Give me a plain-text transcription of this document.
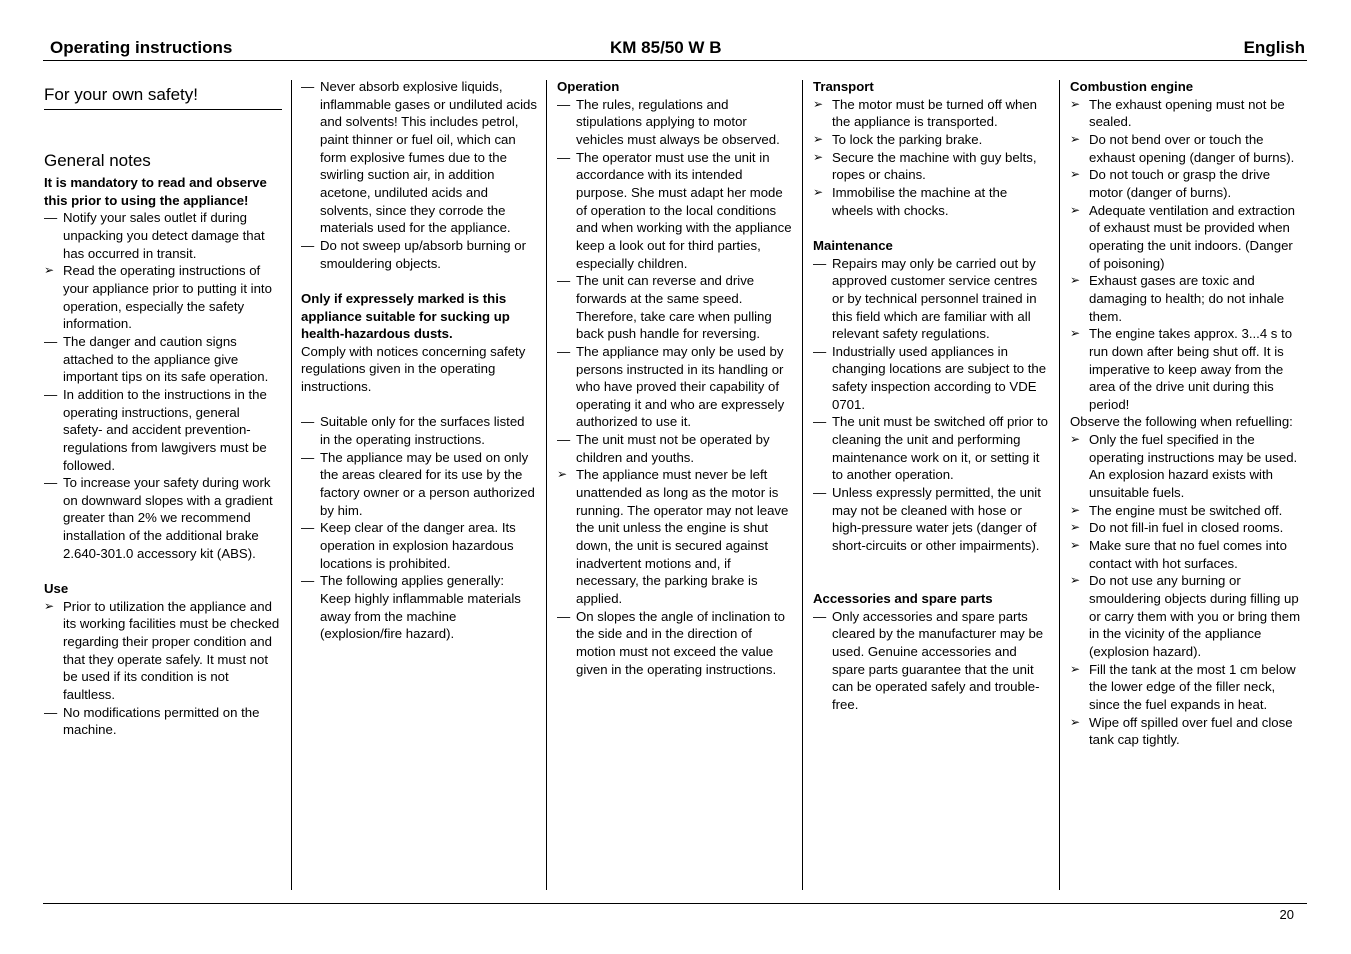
Operating instructions	KM 85/50 W B	English
For your own safety!
General notes

It is mandatory to read and observe this prior to using the appliance!

— Notify your sales outlet if during unpacking you detect damage that has occurred in transit.

➢ Read the operating instructions of your appliance prior to putting it into operation, especially the safety information.

— The danger and caution signs attached to the appliance give important tips on its safe operation.

— In addition to the instructions in the operating instructions, general safety- and accident prevention-regulations from lawgivers must be followed.

— To increase your safety during work on downward slopes with a gradient greater than 2% we recommend installation of the additional brake 2.640-301.0 accessory kit (ABS).

Use

➢ Prior to utilization the appliance and its working facilities must be checked regarding their proper condition and that they operate safely. It must not be used if its condition is not faultless.

— No modifications permitted on the machine.

— Never absorb explosive liquids, inflammable gases or undiluted acids and solvents! This includes petrol, paint thinner or fuel oil, which can form explosive fumes due to the swirling suction air, in addition acetone, undiluted acids and solvents, since they corrode the materials used for the appliance.

— Do not sweep up/absorb burning or smouldering objects.

Only if expressely marked is this appliance suitable for sucking up health-hazardous dusts.

Comply with notices concerning safety regulations given in the operating instructions.

— Suitable only for the surfaces listed in the operating instructions.

— The appliance may be used on only the areas cleared for its use by the factory owner or a person authorized by him.

— Keep clear of the danger area. Its operation in explosion hazardous locations is prohibited.

— The following applies generally: Keep highly inflammable materials away from the machine (explosion/fire hazard).

Operation

— The rules, regulations and stipulations applying to motor vehicles must always be observed.

— The operator must use the unit in accordance with its intended purpose. She must adapt her mode of operation to the local conditions and when working with the appliance keep a look out for third parties, especially children.

— The unit can reverse and drive forwards at the same speed. Therefore, take care when pulling back push handle for reversing.

— The appliance may only be used by persons instructed in its handling or who have proved their capability of operating it and who are expressely authorized to use it.

— The unit must not be operated by children and youths.

➢ The appliance must never be left unattended as long as the motor is running. The operator may not leave the unit unless the engine is shut down, the unit is secured against inadvertent motions and, if necessary, the parking brake is applied.

— On slopes the angle of inclination to the side and in the direction of motion must not exceed the value given in the operating instructions.

Transport

➢ The motor must be turned off when the appliance is transported.

➢ To lock the parking brake.

➢ Secure the machine with guy belts, ropes or chains.

➢ Immobilise the machine at the wheels with chocks.

Maintenance

— Repairs may only be carried out by approved customer service centres or by technical personnel trained in this field which are familiar with all relevant safety regulations.

— Industrially used appliances in changing locations are subject to the safety inspection according to VDE 0701.

— The unit must be switched off prior to cleaning the unit and performing maintenance work on it, or setting it to another operation.

— Unless expressly permitted, the unit may not be cleaned with hose or high-pressure water jets (danger of short-circuits or other impairments).

Accessories and spare parts

— Only accessories and spare parts cleared by the manufacturer may be used. Genuine accessories and spare parts guarantee that the unit can be operated safely and trouble-free.

Combustion engine

➢ The exhaust opening must not be sealed.

➢ Do not bend over or touch the exhaust opening (danger of burns).

➢ Do not touch or grasp the drive motor (danger of burns).

➢ Adequate ventilation and extraction of exhaust must be provided when operating the unit indoors. (Danger of poisoning)

➢ Exhaust gases are toxic and damaging to health; do not inhale them.

➢ The engine takes approx. 3...4 s to run down after being shut off. It is imperative to keep away from the area of the drive unit during this period!

Observe the following when refuelling:

➢ Only the fuel specified in the operating instructions may be used. An explosion hazard exists with unsuitable fuels.

➢ The engine must be switched off.

➢ Do not fill-in fuel in closed rooms.

➢ Make sure that no fuel comes into contact with hot surfaces.

➢ Do not use any burning or smouldering objects during filling up or carry them with you or bring them in the vicinity of the appliance (explosion hazard).

➢ Fill the tank at the most 1 cm below the lower edge of the filler neck, since the fuel expands in heat.

➢ Wipe off spilled over fuel and close tank cap tightly.

20
